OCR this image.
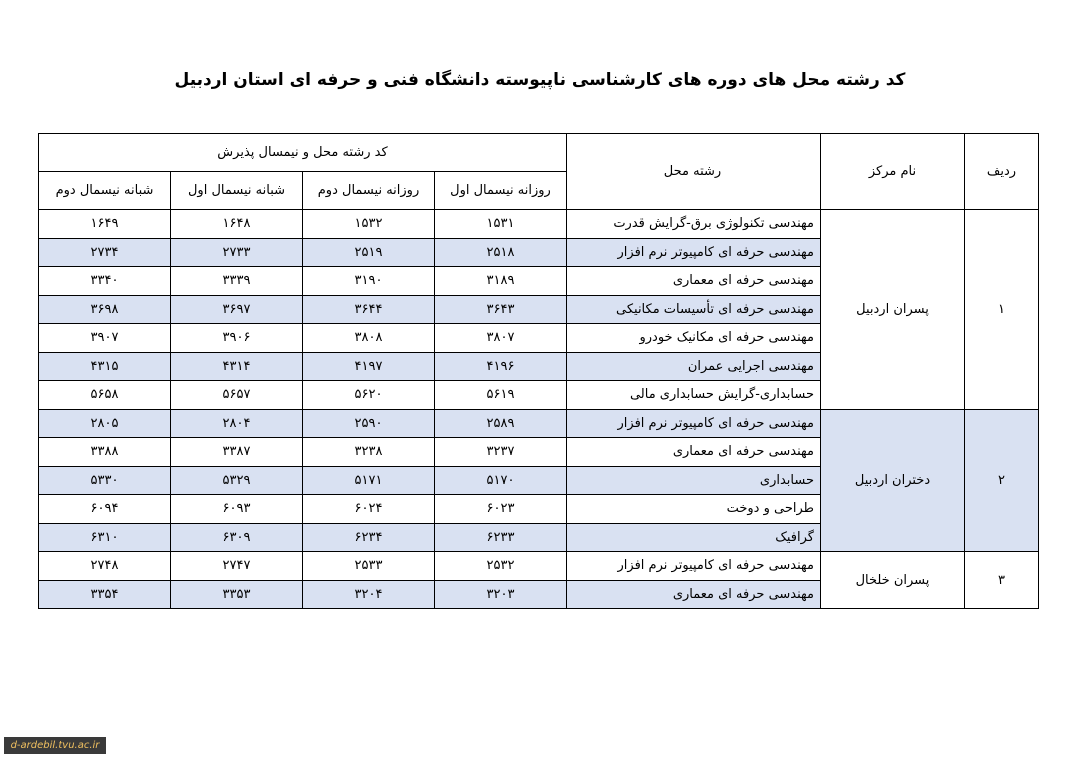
کد رشته محل های دوره های کارشناسی ناپیوسته دانشگاه فنی و حرفه ای استان اردبیل
ردیف	نام مرکز	رشته محل	کد رشته محل و نیمسال پذیرش			
			روزانه نیسمال اول	روزانه نیسمال دوم	شبانه نیسمال اول	شبانه نیسمال دوم
۱	پسران اردبیل	مهندسی تکنولوژی برق-گرایش قدرت	۱۵۳۱	۱۵۳۲	۱۶۴۸	۱۶۴۹
		مهندسی حرفه ای کامپیوتر نرم افزار	۲۵۱۸	۲۵۱۹	۲۷۳۳	۲۷۳۴
		مهندسی حرفه ای معماری	۳۱۸۹	۳۱۹۰	۳۳۳۹	۳۳۴۰
		مهندسی حرفه ای تأسیسات مکانیکی	۳۶۴۳	۳۶۴۴	۳۶۹۷	۳۶۹۸
		مهندسی حرفه ای مکانیک خودرو	۳۸۰۷	۳۸۰۸	۳۹۰۶	۳۹۰۷
		مهندسی اجرایی عمران	۴۱۹۶	۴۱۹۷	۴۳۱۴	۴۳۱۵
		حسابداری-گرایش حسابداری مالی	۵۶۱۹	۵۶۲۰	۵۶۵۷	۵۶۵۸
۲	دختران اردبیل	مهندسی حرفه ای کامپیوتر نرم افزار	۲۵۸۹	۲۵۹۰	۲۸۰۴	۲۸۰۵
		مهندسی حرفه ای معماری	۳۲۳۷	۳۲۳۸	۳۳۸۷	۳۳۸۸
		حسابداری	۵۱۷۰	۵۱۷۱	۵۳۲۹	۵۳۳۰
		طراحی و دوخت	۶۰۲۳	۶۰۲۴	۶۰۹۳	۶۰۹۴
		گرافیک	۶۲۳۳	۶۲۳۴	۶۳۰۹	۶۳۱۰
۳	پسران خلخال	مهندسی حرفه ای کامپیوتر نرم افزار	۲۵۳۲	۲۵۳۳	۲۷۴۷	۲۷۴۸
		مهندسی حرفه ای معماری	۳۲۰۳	۳۲۰۴	۳۳۵۳	۳۳۵۴
d-ardebil.tvu.ac.ir
